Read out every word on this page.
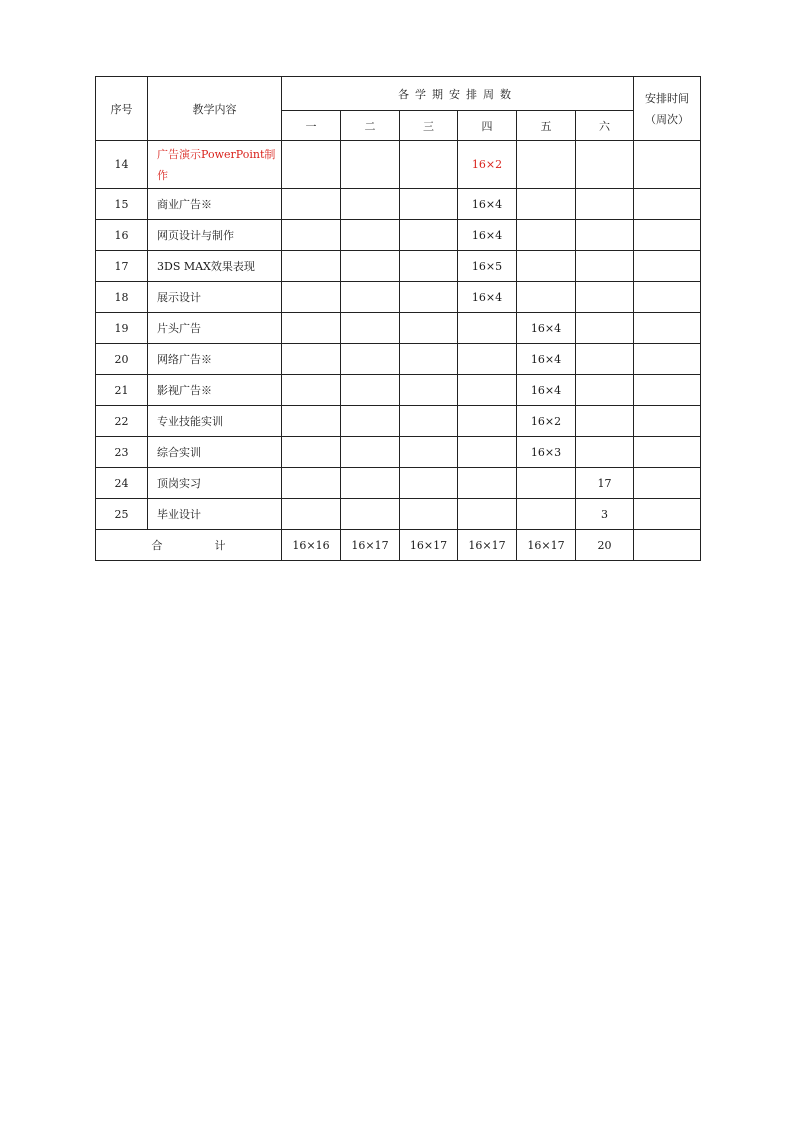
序号	教学内容	各学期安排周数						安排时间
（周次）

		一	二	三	四	五	六	
14	广告演示PowerPoint制作				16×2			
15	商业广告※				16×4			
16	网页设计与制作				16×4			
17	3DS MAX效果表现				16×5			
18	展示设计				16×4			
19	片头广告					16×4		
20	网络广告※					16×4		
21	影视广告※					16×4		
22	专业技能实训					16×2		
23	综合实训					16×3		
24	顶岗实习						17	
25	毕业设计						3	
合 计		16×16	16×17	16×17	16×17	16×17	20	
